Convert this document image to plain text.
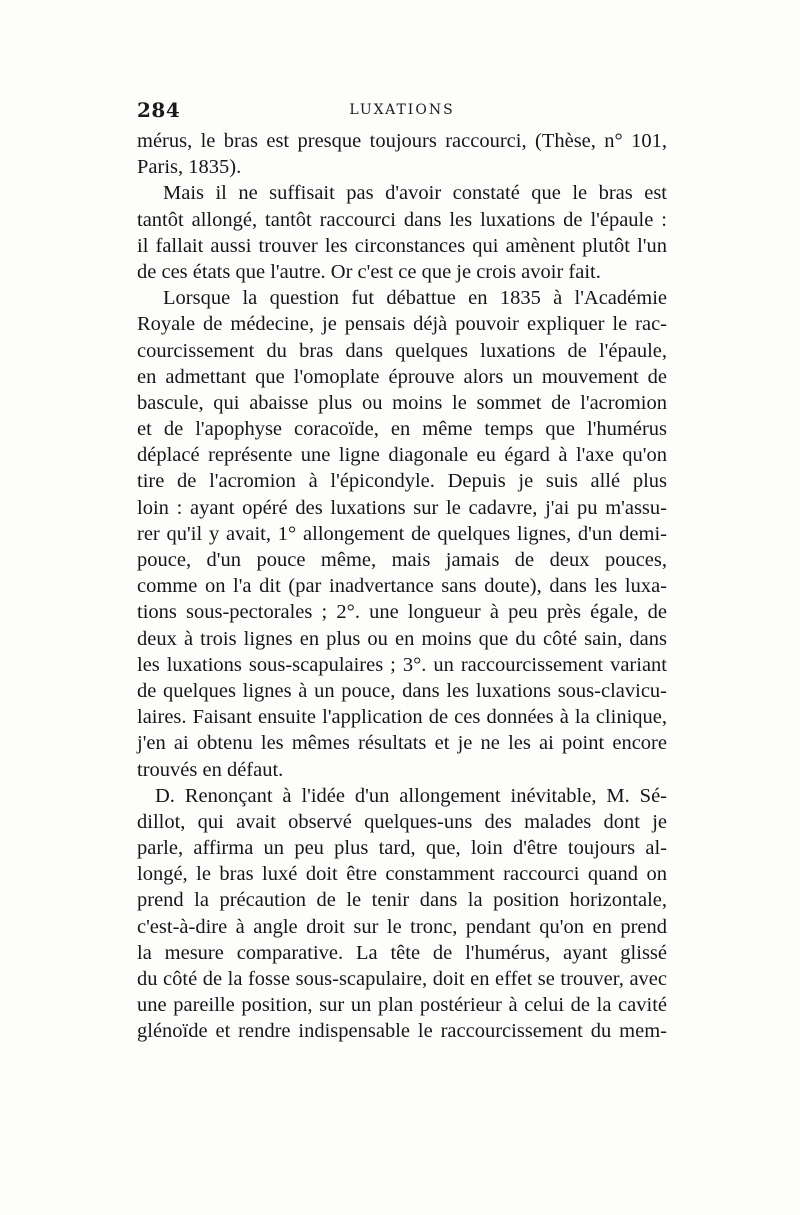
284	LUXATIONS
mérus, le bras est presque toujours raccourci, (Thèse, n° 101,
Paris, 1835).
Mais il ne suffisait pas d'avoir constaté que le bras est
tantôt allongé, tantôt raccourci dans les luxations de l'épaule :
il fallait aussi trouver les circonstances qui amènent plutôt l'un
de ces états que l'autre. Or c'est ce que je crois avoir fait.
Lorsque la question fut débattue en 1835 à l'Académie
Royale de médecine, je pensais déjà pouvoir expliquer le rac-
courcissement du bras dans quelques luxations de l'épaule,
en admettant que l'omoplate éprouve alors un mouvement de
bascule, qui abaisse plus ou moins le sommet de l'acromion
et de l'apophyse coracoïde, en même temps que l'humérus
déplacé représente une ligne diagonale eu égard à l'axe qu'on
tire de l'acromion à l'épicondyle. Depuis je suis allé plus
loin : ayant opéré des luxations sur le cadavre, j'ai pu m'assu-
rer qu'il y avait, 1° allongement de quelques lignes, d'un demi-
pouce, d'un pouce même, mais jamais de deux pouces,
comme on l'a dit (par inadvertance sans doute), dans les luxa-
tions sous-pectorales ; 2°. une longueur à peu près égale, de
deux à trois lignes en plus ou en moins que du côté sain, dans
les luxations sous-scapulaires ; 3°. un raccourcissement variant
de quelques lignes à un pouce, dans les luxations sous-clavicu-
laires. Faisant ensuite l'application de ces données à la clinique,
j'en ai obtenu les mêmes résultats et je ne les ai point encore
trouvés en défaut.
D. Renonçant à l'idée d'un allongement inévitable, M. Sé-
dillot, qui avait observé quelques-uns des malades dont je
parle, affirma un peu plus tard, que, loin d'être toujours al-
longé, le bras luxé doit être constamment raccourci quand on
prend la précaution de le tenir dans la position horizontale,
c'est-à-dire à angle droit sur le tronc, pendant qu'on en prend
la mesure comparative. La tête de l'humérus, ayant glissé
du côté de la fosse sous-scapulaire, doit en effet se trouver, avec
une pareille position, sur un plan postérieur à celui de la cavité
glénoïde et rendre indispensable le raccourcissement du mem-
